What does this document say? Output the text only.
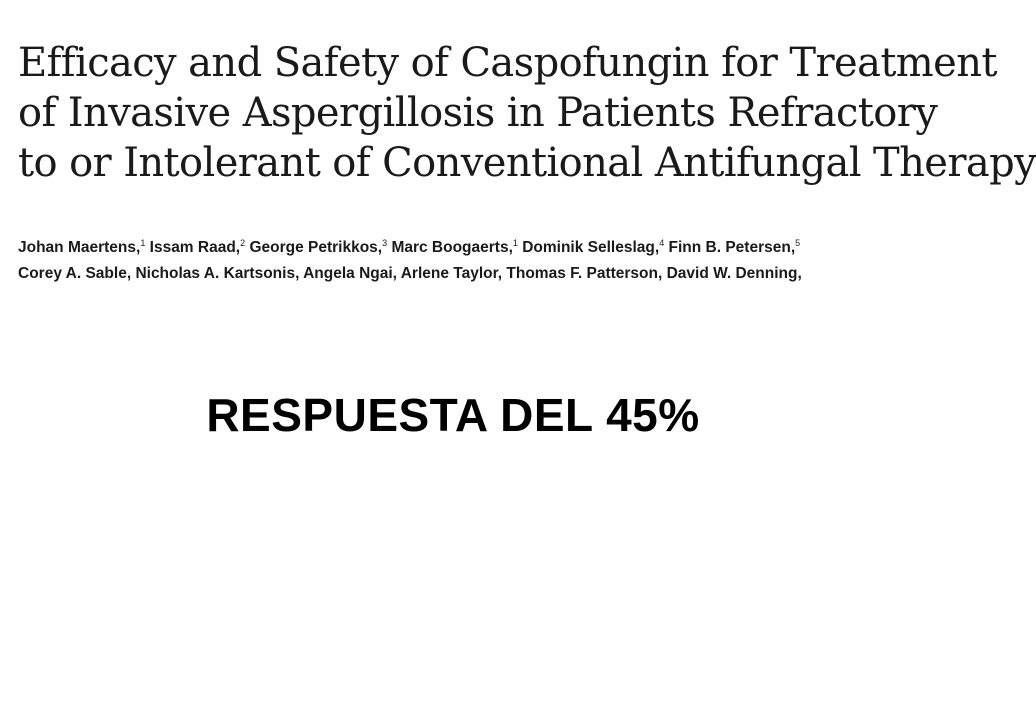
Efficacy and Safety of Caspofungin for Treatment
of Invasive Aspergillosis in Patients Refractory
to or Intolerant of Conventional Antifungal Therapy
Johan Maertens,$^1$ Issam Raad,$^2$ George Petrikkos,$^3$ Marc Boogaerts,$^1$ Dominik Selleslag,$^4$ Finn B. Petersen,$^5$
Corey A. Sable, Nicholas A. Kartsonis, Angela Ngai, Arlene Taylor, Thomas F. Patterson, David W. Denning,
RESPUESTA DEL 45%
